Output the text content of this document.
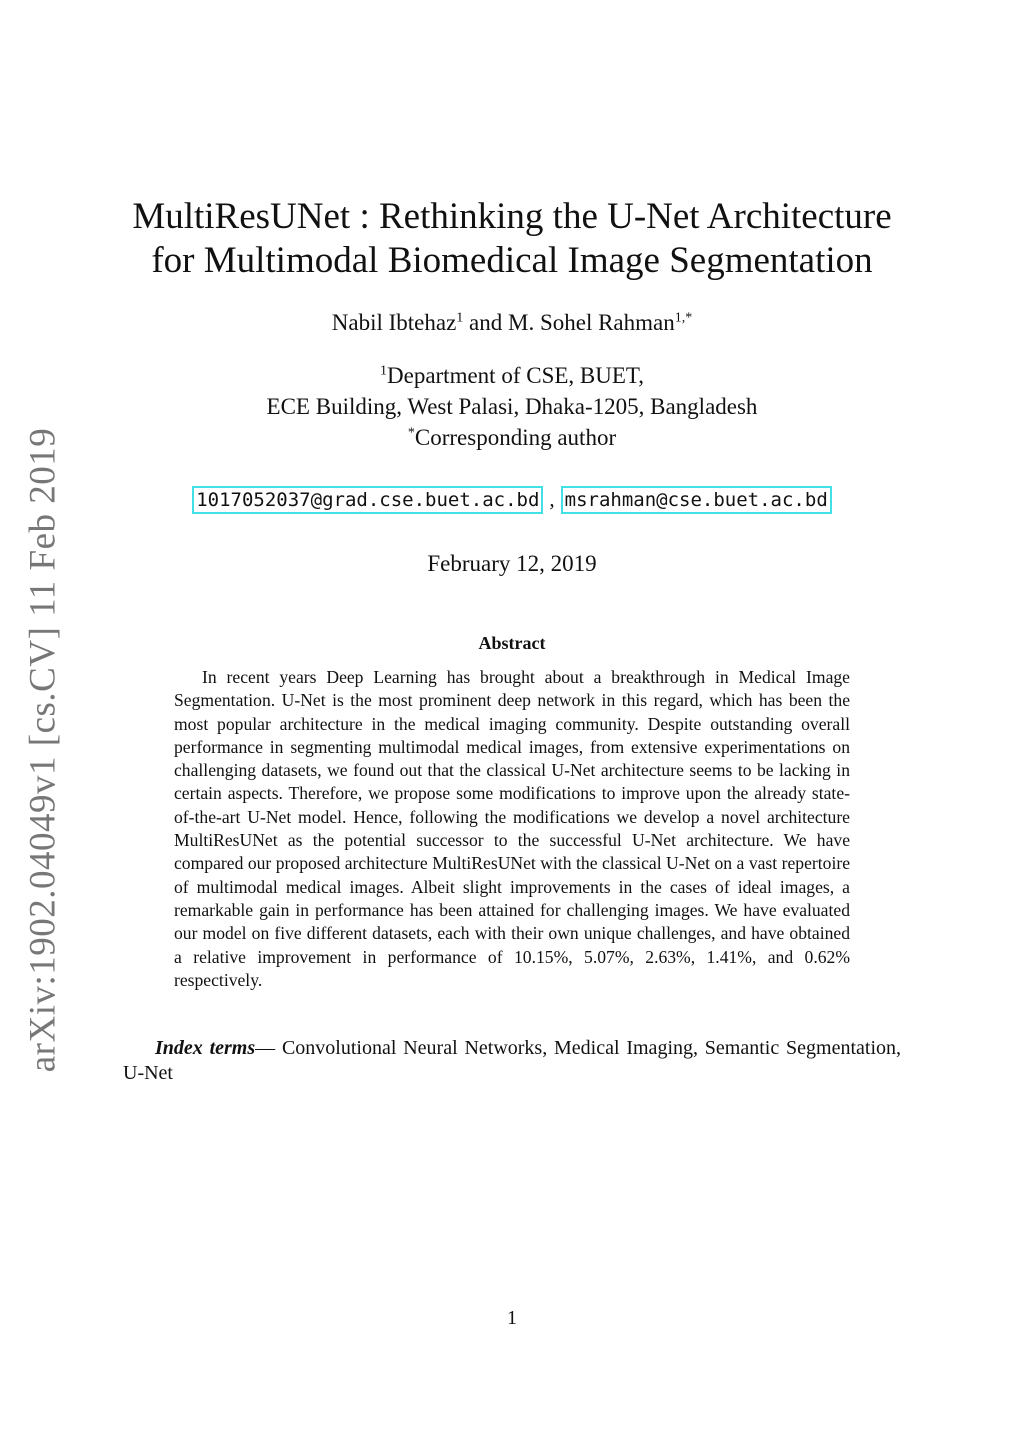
arXiv:1902.04049v1 [cs.CV] 11 Feb 2019
MultiResUNet : Rethinking the U-Net Architecture
for Multimodal Biomedical Image Segmentation
Nabil Ibtehaz$^1$ and M. Sohel Rahman$^{1,*}$
$^1$Department of CSE, BUET,
ECE Building, West Palasi, Dhaka-1205, Bangladesh
*Corresponding author
1017052037@grad.cse.buet.ac.bd , msrahman@cse.buet.ac.bd
February 12, 2019
Abstract

In recent years Deep Learning has brought about a breakthrough in Medical Image Segmentation. U-Net is the most prominent deep network in this regard, which has been the most popular architecture in the medical imaging community. Despite outstanding overall performance in segmenting multimodal medical images, from extensive experimentations on challenging datasets, we found out that the classical U-Net architecture seems to be lacking in certain aspects. Therefore, we propose some modifications to improve upon the already state-of-the-art U-Net model. Hence, following the modifications we develop a novel architecture MultiResUNet as the potential successor to the successful U-Net architecture. We have compared our proposed architecture MultiResUNet with the classical U-Net on a vast repertoire of multimodal medical images. Albeit slight improvements in the cases of ideal images, a remarkable gain in performance has been attained for challenging images. We have evaluated our model on five different datasets, each with their own unique challenges, and have obtained a relative improvement in performance of 10.15%, 5.07%, 2.63%, 1.41%, and 0.62% respectively.

Index terms— Convolutional Neural Networks, Medical Imaging, Semantic Segmentation, U-Net

1
